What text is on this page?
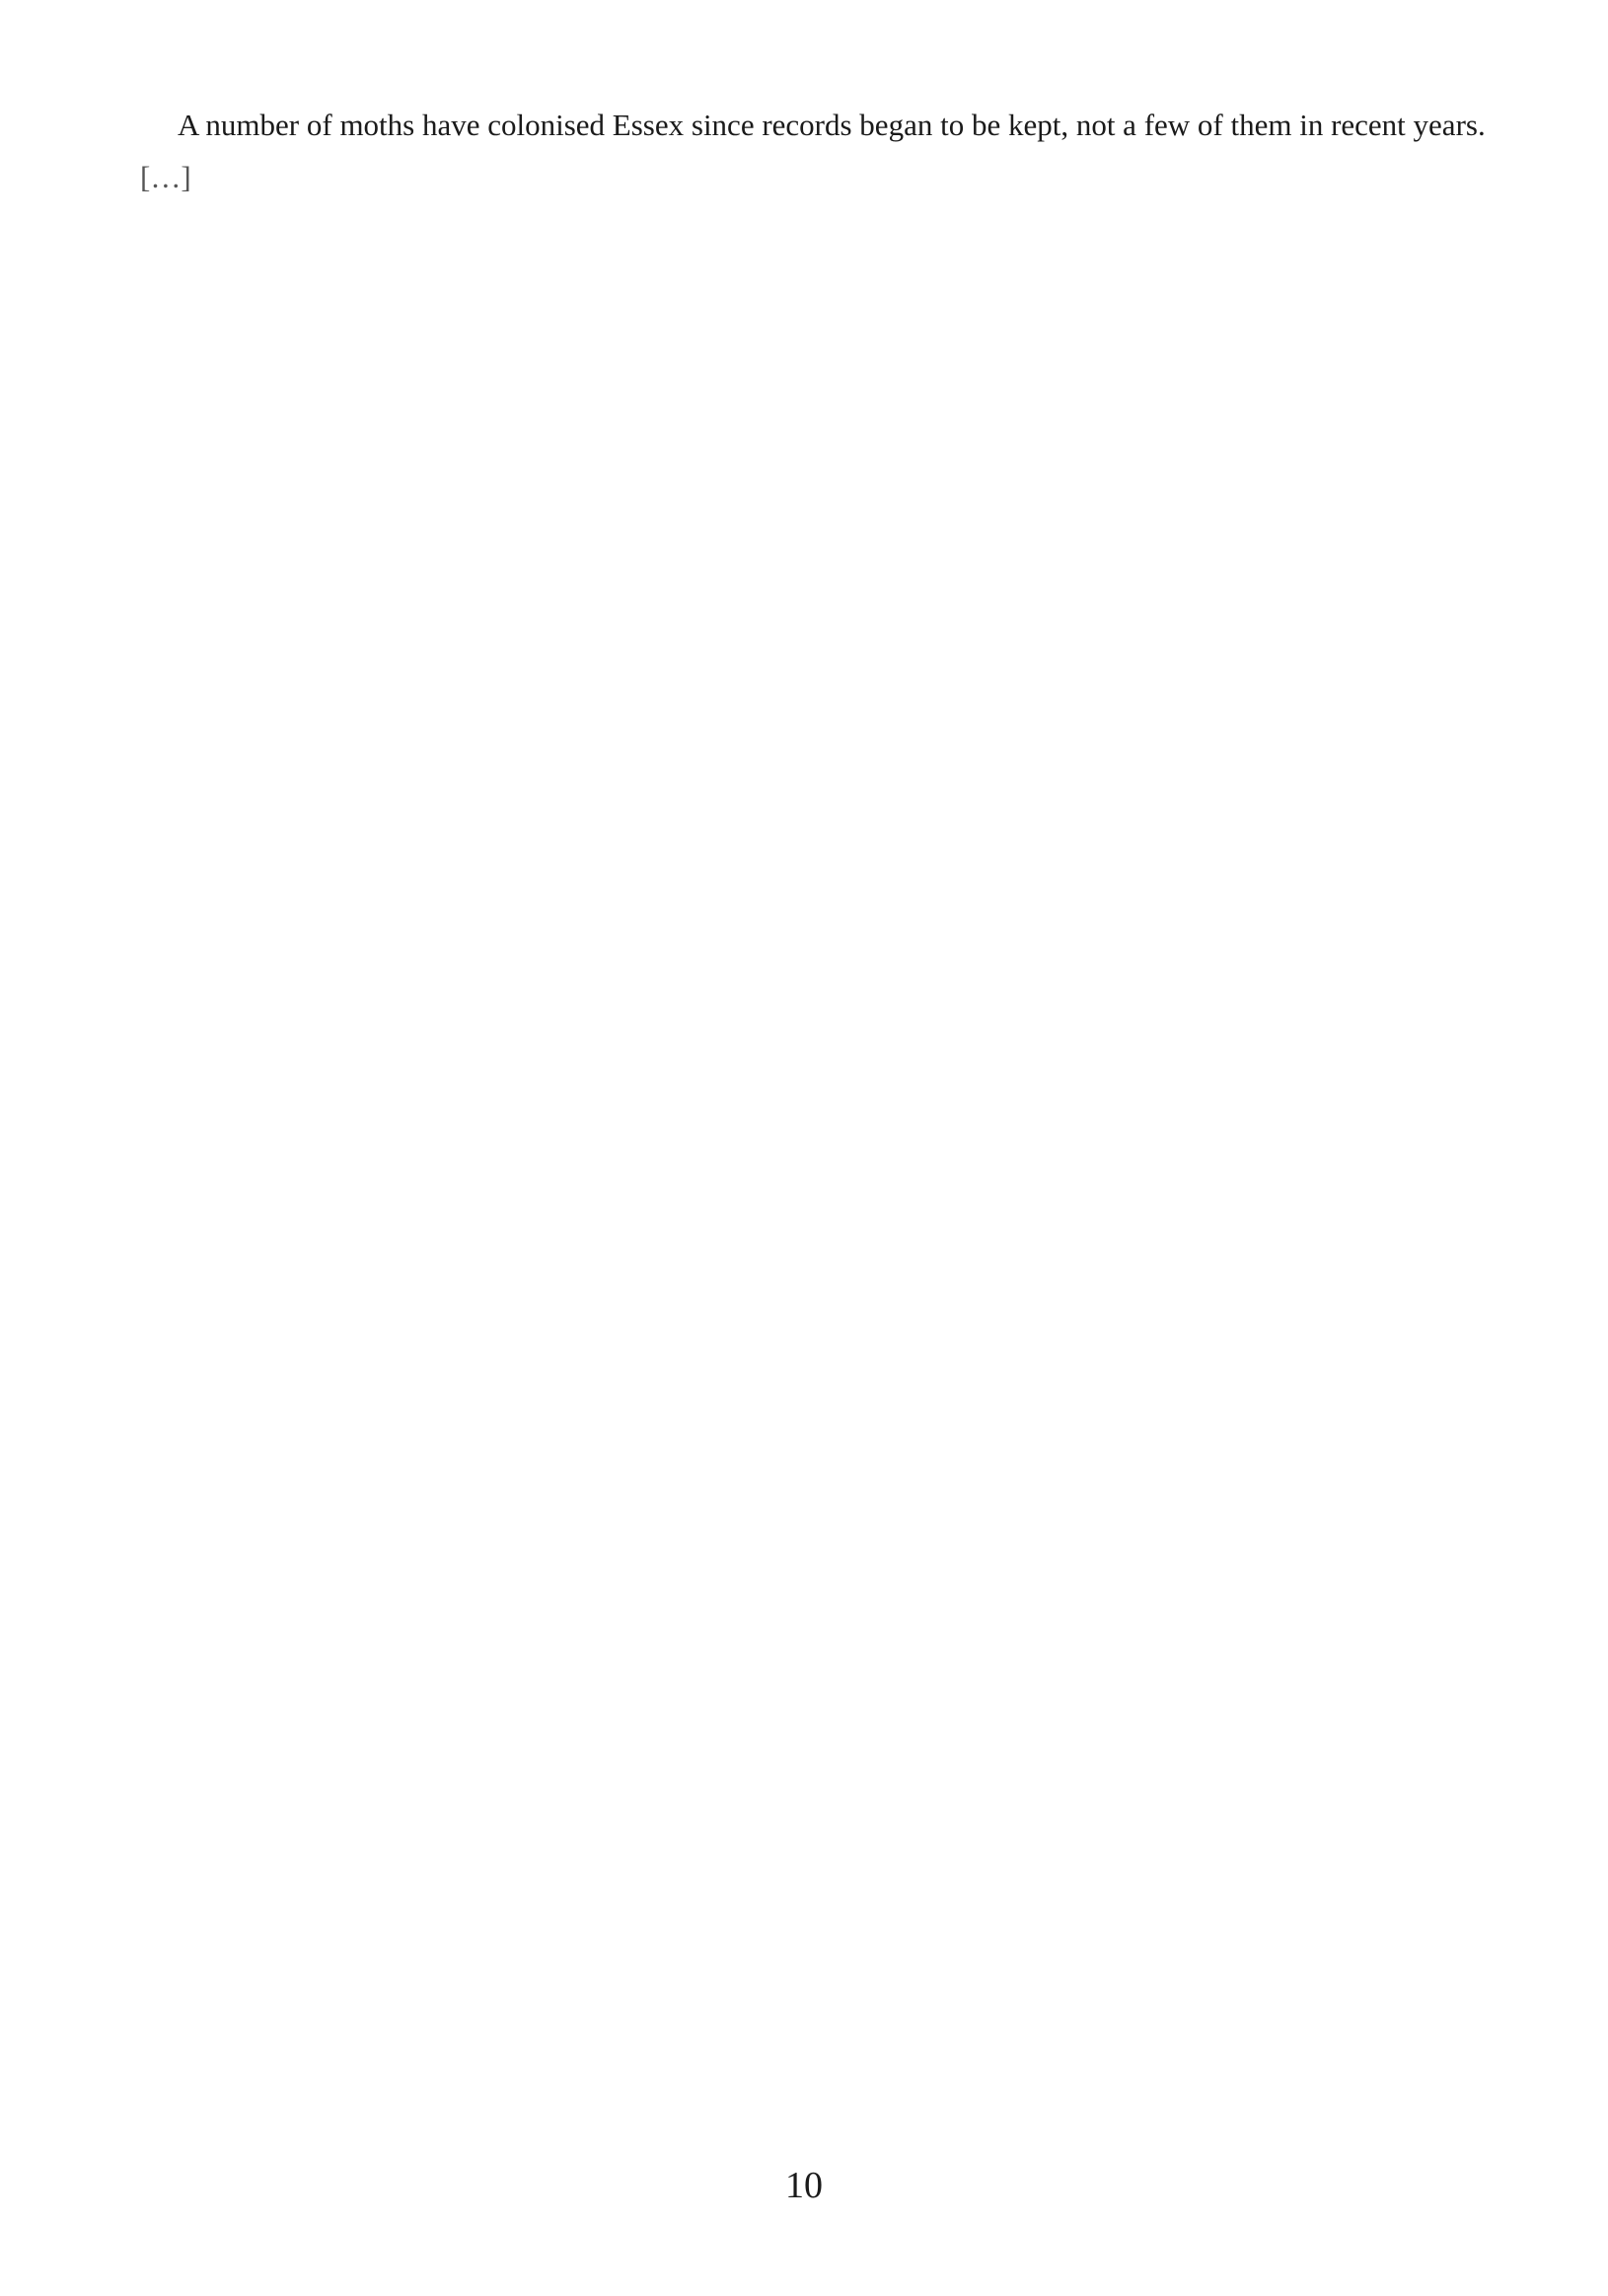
A number of moths have colonised Essex since records began to be kept, not a few of them in recent years.

[…]

10
